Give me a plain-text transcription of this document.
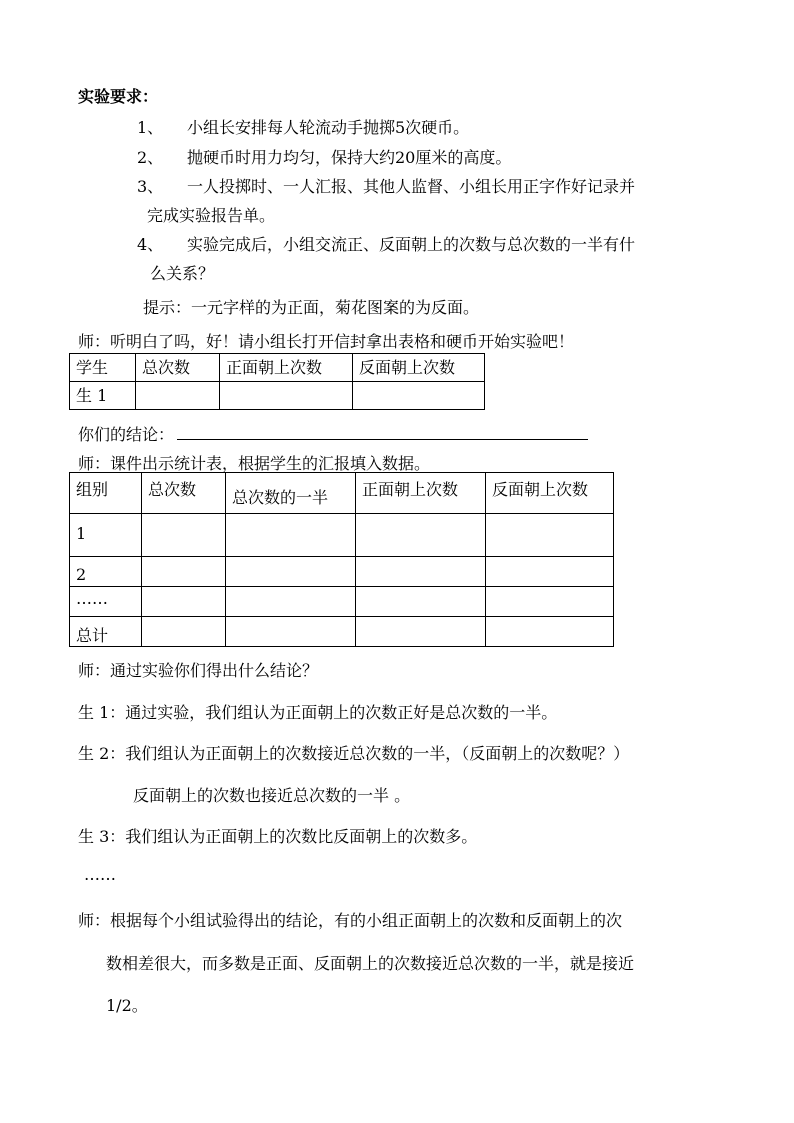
实验要求：
1、 小组长安排每人轮流动手抛掷5次硬币。
2、 抛硬币时用力均匀，保持大约20厘米的高度。
3、 一人投掷时、一人汇报、其他人监督、小组长用正字作好记录并
完成实验报告单。
4、 实验完成后，小组交流正、反面朝上的次数与总次数的一半有什
么关系？
提示：一元字样的为正面，菊花图案的为反面。
师：听明白了吗，好！请小组长打开信封拿出表格和硬币开始实验吧！
学生	总次数	正面朝上次数	反面朝上次数
生 1			
你们的结论：
师：课件出示统计表，根据学生的汇报填入数据。
组别	总次数	总次数的一半	正面朝上次数	反面朝上次数
1				
2				
……				
总计				
师：通过实验你们得出什么结论？
生 1：通过实验，我们组认为正面朝上的次数正好是总次数的一半。
生 2：我们组认为正面朝上的次数接近总次数的一半，（反面朝上的次数呢？）
反面朝上的次数也接近总次数的一半 。
生 3：我们组认为正面朝上的次数比反面朝上的次数多。
……
师：根据每个小组试验得出的结论，有的小组正面朝上的次数和反面朝上的次
数相差很大，而多数是正面、反面朝上的次数接近总次数的一半，就是接近
1/2。
